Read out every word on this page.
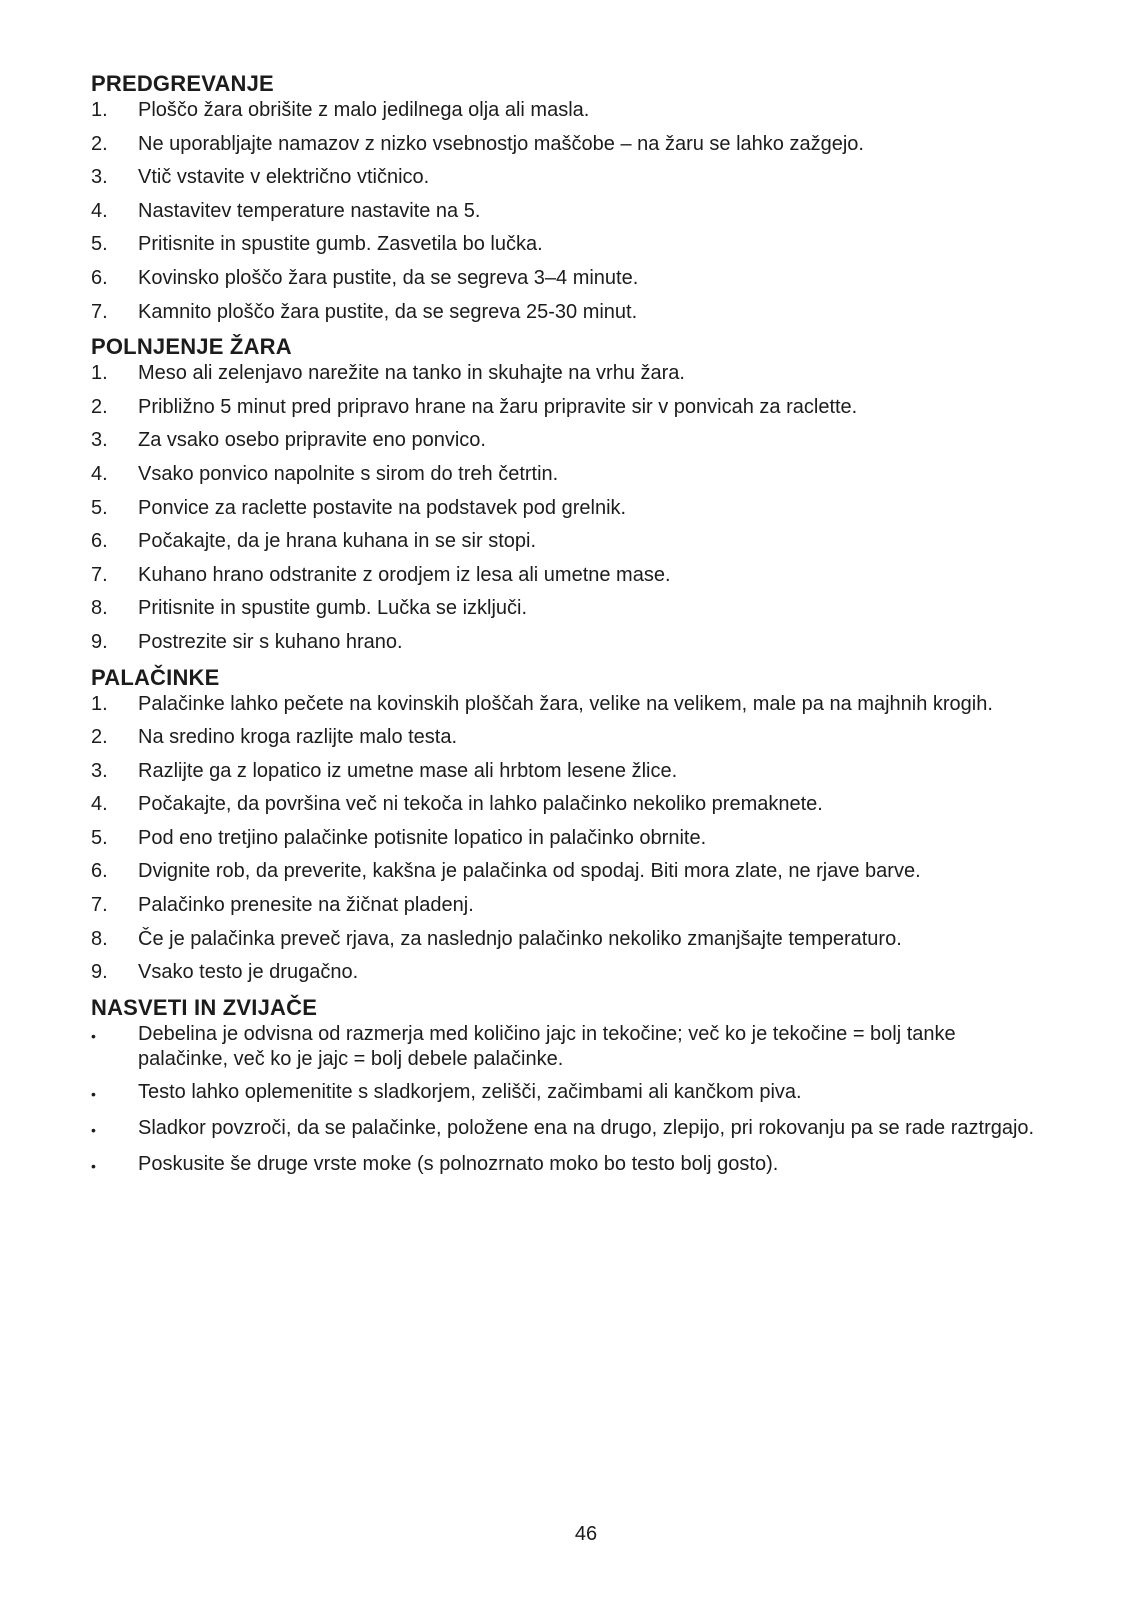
PREDGREVANJE
1.	Ploščo žara obrišite z malo jedilnega olja ali masla.
2.	Ne uporabljajte namazov z nizko vsebnostjo maščobe – na žaru se lahko zažgejo.
3.	Vtič vstavite v električno vtičnico.
4.	Nastavitev temperature nastavite na 5.
5.	Pritisnite in spustite gumb. Zasvetila bo lučka.
6.	Kovinsko ploščo žara pustite, da se segreva 3–4 minute.
7.	Kamnito ploščo žara pustite, da se segreva 25-30 minut.
POLNJENJE ŽARA
1.	Meso ali zelenjavo narežite na tanko in skuhajte na vrhu žara.
2.	Približno 5 minut pred pripravo hrane na žaru pripravite sir v ponvicah za raclette.
3.	Za vsako osebo pripravite eno ponvico.
4.	Vsako ponvico napolnite s sirom do treh četrtin.
5.	Ponvice za raclette postavite na podstavek pod grelnik.
6.	Počakajte, da je hrana kuhana in se sir stopi.
7.	Kuhano hrano odstranite z orodjem iz lesa ali umetne mase.
8.	Pritisnite in spustite gumb. Lučka se izključi.
9.	Postrezite sir s kuhano hrano.
PALAČINKE
1.	Palačinke lahko pečete na kovinskih ploščah žara, velike na velikem, male pa na majhnih krogih.
2.	Na sredino kroga razlijte malo testa.
3.	Razlijte ga z lopatico iz umetne mase ali hrbtom lesene žlice.
4.	Počakajte, da površina več ni tekoča in lahko palačinko nekoliko premaknete.
5.	Pod eno tretjino palačinke potisnite lopatico in palačinko obrnite.
6.	Dvignite rob, da preverite, kakšna je palačinka od spodaj. Biti mora zlate, ne rjave barve.
7.	Palačinko prenesite na žičnat pladenj.
8.	Če je palačinka preveč rjava, za naslednjo palačinko nekoliko zmanjšajte temperaturo.
9.	Vsako testo je drugačno.
NASVETI IN ZVIJAČE
•	Debelina je odvisna od razmerja med količino jajc in tekočine; več ko je tekočine = bolj tanke palačinke, več ko je jajc = bolj debele palačinke.
•	Testo lahko oplemenitite s sladkorjem, zelišči, začimbami ali kančkom piva.
•	Sladkor povzroči, da se palačinke, položene ena na drugo, zlepijo, pri rokovanju pa se rade raztrgajo.
•	Poskusite še druge vrste moke (s polnozrnato moko bo testo bolj gosto).
46
